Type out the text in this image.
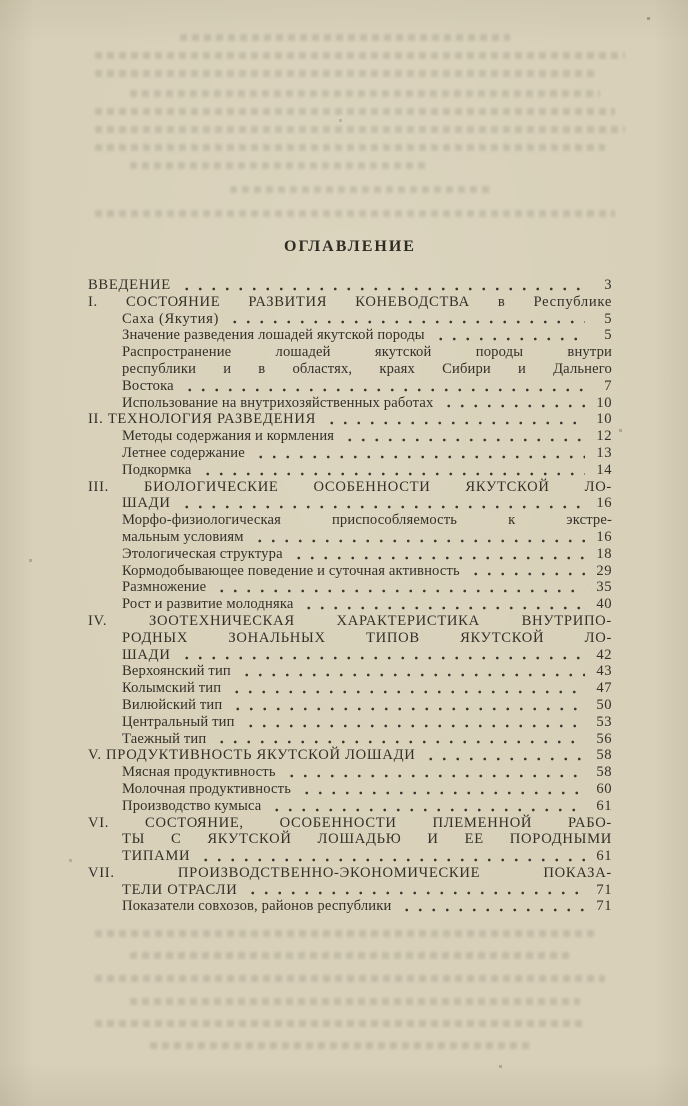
ОГЛАВЛЕНИЕ
ВВЕДЕНИЕ	3
I. СОСТОЯНИЕ РАЗВИТИЯ КОНЕВОДСТВА в Республике
Саха (Якутия)	5
Значение разведения лошадей якутской породы	5
Распространение лошадей якутской породы внутри
республики и в областях, краях Сибири и Дальнего
Востока	7
Использование на внутрихозяйственных работах	10
II. ТЕХНОЛОГИЯ РАЗВЕДЕНИЯ	10
Методы содержания и кормления	12
Летнее содержание	13
Подкормка	14
III. БИОЛОГИЧЕСКИЕ ОСОБЕННОСТИ ЯКУТСКОЙ ЛО-
ШАДИ	16
Морфо-физиологическая приспособляемость к экстре-
мальным условиям	16
Этологическая структура	18
Кормодобывающее поведение и суточная активность	29
Размножение	35
Рост и развитие молодняка	40
IV. ЗООТЕХНИЧЕСКАЯ ХАРАКТЕРИСТИКА ВНУТРИПО-
РОДНЫХ ЗОНАЛЬНЫХ ТИПОВ ЯКУТСКОЙ ЛО-
ШАДИ	42
Верхоянский тип	43
Колымский тип	47
Вилюйский тип	50
Центральный тип	53
Таежный тип	56
V. ПРОДУКТИВНОСТЬ ЯКУТСКОЙ ЛОШАДИ	58
Мясная продуктивность	58
Молочная продуктивность	60
Производство кумыса	61
VI. СОСТОЯНИЕ, ОСОБЕННОСТИ ПЛЕМЕННОЙ РАБО-
ТЫ С ЯКУТСКОЙ ЛОШАДЬЮ И ЕЕ ПОРОДНЫМИ
ТИПАМИ	61
VII. ПРОИЗВОДСТВЕННО-ЭКОНОМИЧЕСКИЕ ПОКАЗА-
ТЕЛИ ОТРАСЛИ	71
Показатели совхозов, районов республики	71
